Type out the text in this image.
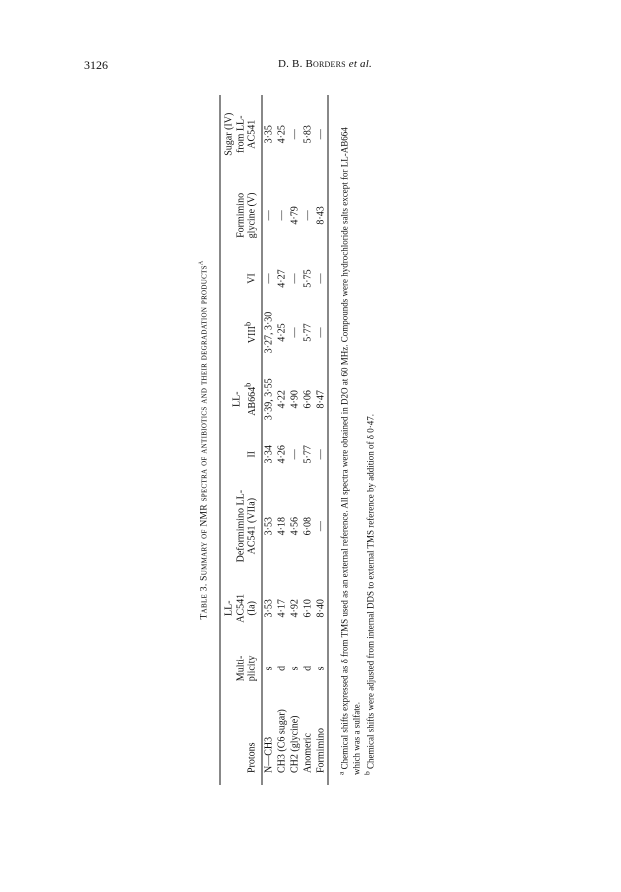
3126	D. B. Borders et al.
Table 3. Summary of NMR spectra of antibiotics and their degradation products$^a$
Protons	Multi-plicity	LL-AC541 (Ia)	Deformimino LL-AC541 (VIIa)	II	LL-AB664$^b$	VIII$^b$	VI	Formimino glycine (V)	Sugar (IV) from LL-AC541
N—CH3	s	3·53	3·53	3·34	3·39, 3·55	3·27, 3·30	—	—	3·35
CH3 (C6 sugar)	d	4·17	4·18	4·26	4·22	4·25	4·27	—	4·25
CH2 (glycine)	s	4·92	4·56	—	4·90	—	—	4·79	—
Anomeric	d	6·10	6·08	5·77	6·06	5·77	5·75	—	5·83
Formimino	s	8·40	—	—	8·47	—	—	8·43	—

$^a$ Chemical shifts expressed as δ from TMS used as an external reference. All spectra were obtained in D2O at 60 MHz. Compounds were hydrochloride salts except for LL-AB664 which was a sulfate. $^b$ Chemical shifts were adjusted from internal DDS to external TMS reference by addition of δ 0·47.
